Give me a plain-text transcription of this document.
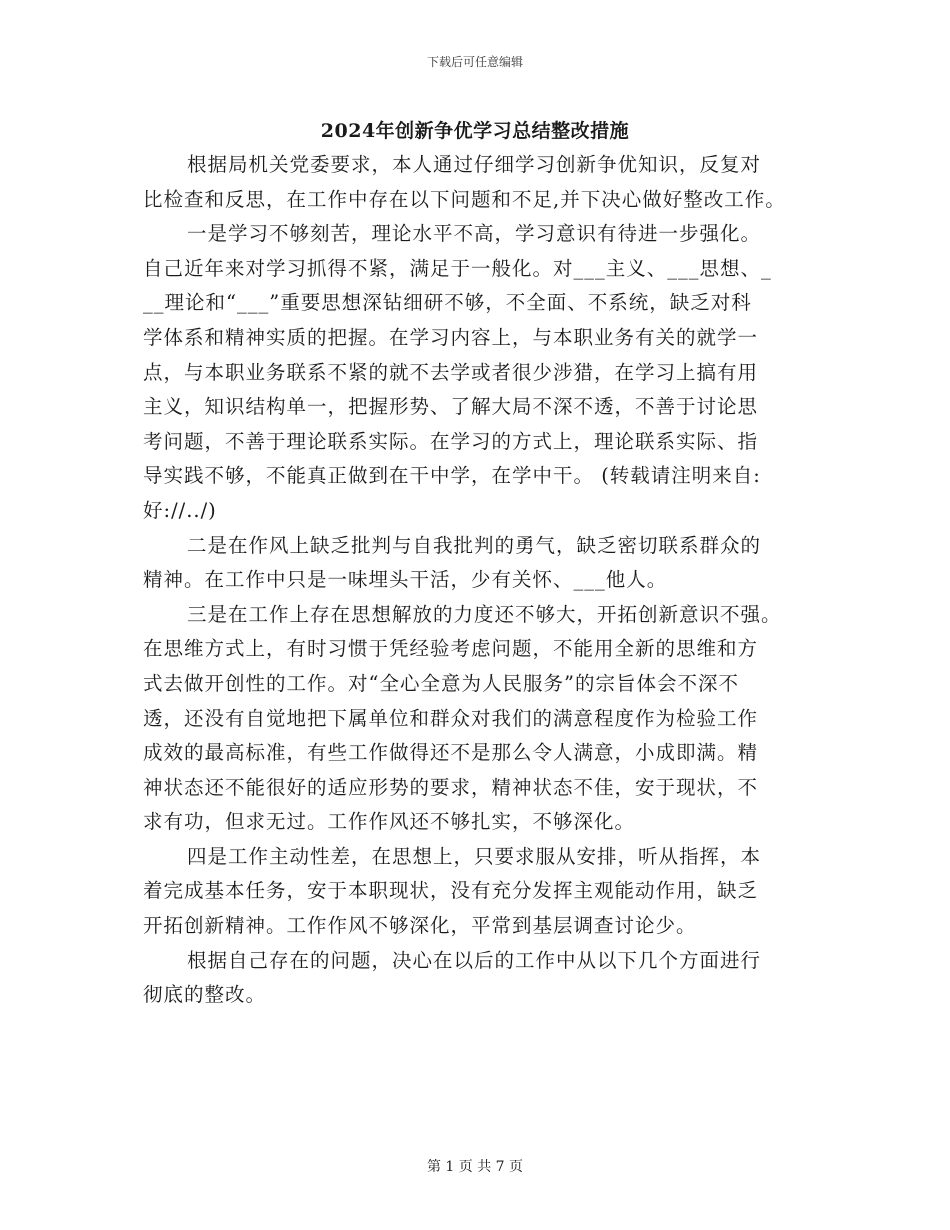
下载后可任意编辑
2024年创新争优学习总结整改措施
根据局机关党委要求，本人通过仔细学习创新争优知识，反复对
比检查和反思，在工作中存在以下问题和不足,并下决心做好整改工作。
一是学习不够刻苦，理论水平不高，学习意识有待进一步强化。
自己近年来对学习抓得不紧，满足于一般化。对___主义、___思想、_
__理论和“___”重要思想深钻细研不够，不全面、不系统，缺乏对科
学体系和精神实质的把握。在学习内容上，与本职业务有关的就学一
点，与本职业务联系不紧的就不去学或者很少涉猎，在学习上搞有用
主义，知识结构单一，把握形势、了解大局不深不透，不善于讨论思
考问题，不善于理论联系实际。在学习的方式上，理论联系实际、指
导实践不够，不能真正做到在干中学，在学中干。 (转载请注明来自:
好://../)
二是在作风上缺乏批判与自我批判的勇气，缺乏密切联系群众的
精神。在工作中只是一味埋头干活，少有关怀、___他人。
三是在工作上存在思想解放的力度还不够大，开拓创新意识不强。
在思维方式上，有时习惯于凭经验考虑问题，不能用全新的思维和方
式去做开创性的工作。对“全心全意为人民服务”的宗旨体会不深不
透，还没有自觉地把下属单位和群众对我们的满意程度作为检验工作
成效的最高标准，有些工作做得还不是那么令人满意，小成即满。精
神状态还不能很好的适应形势的要求，精神状态不佳，安于现状，不
求有功，但求无过。工作作风还不够扎实，不够深化。
四是工作主动性差，在思想上，只要求服从安排，听从指挥，本
着完成基本任务，安于本职现状，没有充分发挥主观能动作用，缺乏
开拓创新精神。工作作风不够深化，平常到基层调查讨论少。
根据自己存在的问题，决心在以后的工作中从以下几个方面进行
彻底的整改。
第 1 页 共 7 页
